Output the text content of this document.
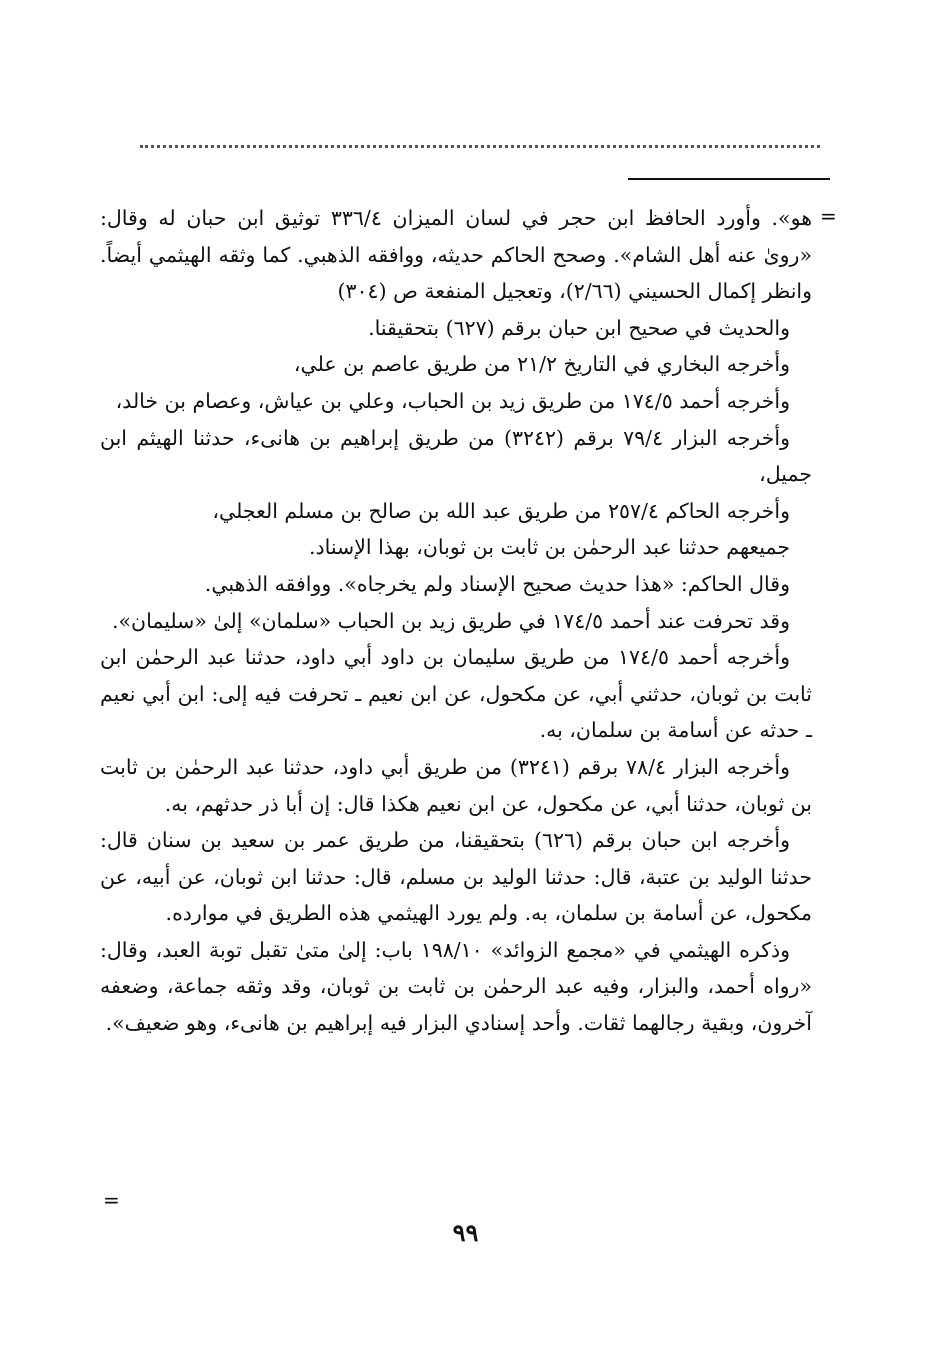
=

هو». وأورد الحافظ ابن حجر في لسان الميزان ٣٣٦/٤ توثيق ابن حبان له وقال: «روىٰ عنه أهل الشام». وصحح الحاكم حديثه، ووافقه الذهبي. كما وثقه الهيثمي أيضاً. وانظر إكمال الحسيني (٢/٦٦)، وتعجيل المنفعة ص (٣٠٤)

والحديث في صحيح ابن حبان برقم (٦٢٧) بتحقيقنا.

وأخرجه البخاري في التاريخ ٢١/٢ من طريق عاصم بن علي،

وأخرجه أحمد ١٧٤/٥ من طريق زيد بن الحباب، وعلي بن عياش، وعصام بن خالد،

وأخرجه البزار ٧٩/٤ برقم (٣٢٤٢) من طريق إبراهيم بن هانىء، حدثنا الهيثم ابن جميل،

وأخرجه الحاكم ٢٥٧/٤ من طريق عبد الله بن صالح بن مسلم العجلي،

جميعهم حدثنا عبد الرحمٰن بن ثابت بن ثوبان، بهذا الإسناد.

وقال الحاكم: «هذا حديث صحيح الإسناد ولم يخرجاه». ووافقه الذهبي.

وقد تحرفت عند أحمد ١٧٤/٥ في طريق زيد بن الحباب «سلمان» إلىٰ «سليمان».

وأخرجه أحمد ١٧٤/٥ من طريق سليمان بن داود أبي داود، حدثنا عبد الرحمٰن ابن ثابت بن ثوبان، حدثني أبي، عن مكحول، عن ابن نعيم ـ تحرفت فيه إلى: ابن أبي نعيم ـ حدثه عن أسامة بن سلمان، به.

وأخرجه البزار ٧٨/٤ برقم (٣٢٤١) من طريق أبي داود، حدثنا عبد الرحمٰن بن ثابت بن ثوبان، حدثنا أبي، عن مكحول، عن ابن نعيم هكذا قال: إن أبا ذر حدثهم، به.

وأخرجه ابن حبان برقم (٦٢٦) بتحقيقنا، من طريق عمر بن سعيد بن سنان قال: حدثنا الوليد بن عتبة، قال: حدثنا الوليد بن مسلم، قال: حدثنا ابن ثوبان، عن أبيه، عن مكحول، عن أسامة بن سلمان، به. ولم يورد الهيثمي هذه الطريق في موارده.

وذكره الهيثمي في «مجمع الزوائد» ١٩٨/١٠ باب: إلىٰ متىٰ تقبل توبة العبد، وقال: «رواه أحمد، والبزار، وفيه عبد الرحمٰن بن ثابت بن ثوبان، وقد وثقه جماعة، وضعفه آخرون، وبقية رجالهما ثقات. وأحد إسنادي البزار فيه إبراهيم بن هانىء، وهو ضعيف».

=
٩٩
